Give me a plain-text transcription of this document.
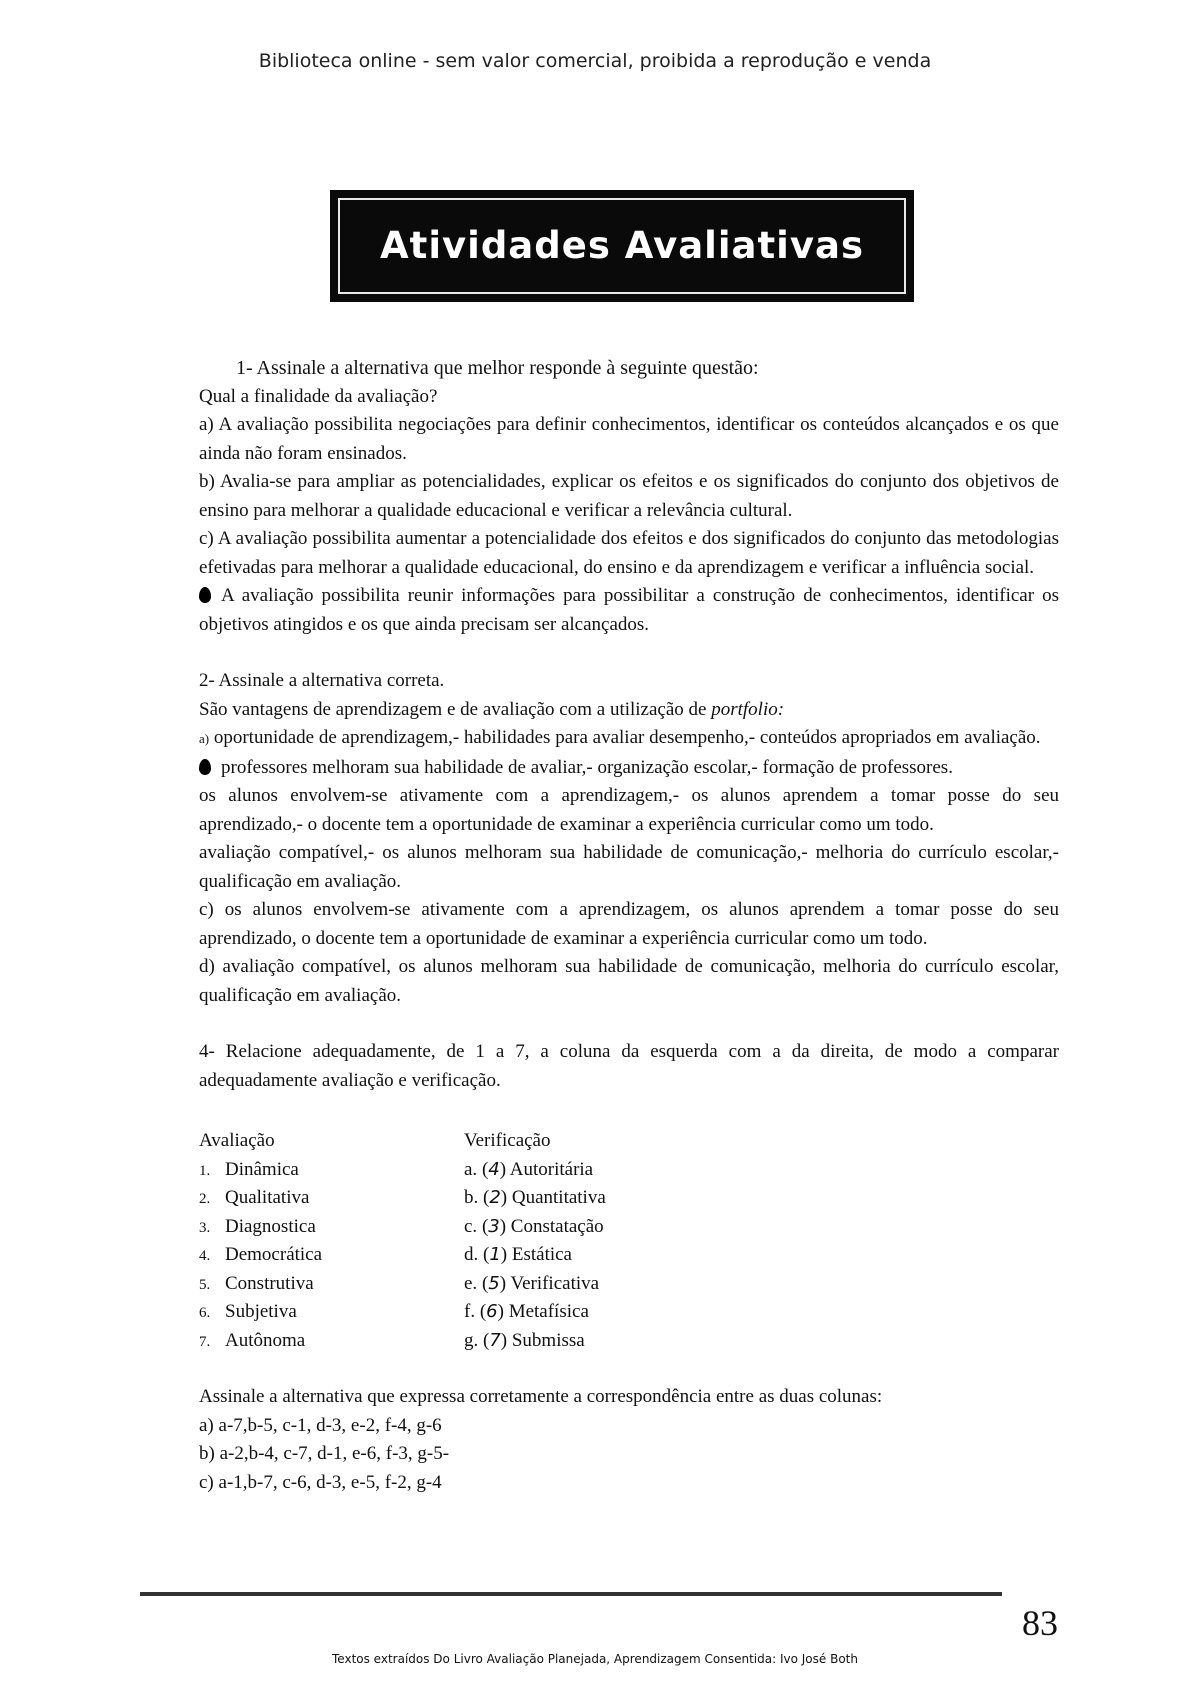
Biblioteca online - sem valor comercial, proibida a reprodução e venda
Atividades Avaliativas

1- Assinale a alternativa que melhor responde à seguinte questão:

Qual a finalidade da avaliação?

a) A avaliação possibilita negociações para definir conhecimentos, identificar os conteúdos alcançados e os que ainda não foram ensinados.

b) Avalia-se para ampliar as potencialidades, explicar os efeitos e os significados do conjunto dos objetivos de ensino para melhorar a qualidade educacional e verificar a relevância cultural.

c) A avaliação possibilita aumentar a potencialidade dos efeitos e dos significados do conjunto das metodologias efetivadas para melhorar a qualidade educacional, do ensino e da aprendizagem e verificar a influência social.

A avaliação possibilita reunir informações para possibilitar a construção de conhecimentos, identificar os objetivos atingidos e os que ainda precisam ser alcançados.

2- Assinale a alternativa correta.

São vantagens de aprendizagem e de avaliação com a utilização de portfolio:

a) oportunidade de aprendizagem,- habilidades para avaliar desempenho,- conteúdos apropriados em avaliação.

professores melhoram sua habilidade de avaliar,- organização escolar,- formação de professores.

os alunos envolvem-se ativamente com a aprendizagem,- os alunos aprendem a tomar posse do seu aprendizado,- o docente tem a oportunidade de examinar a experiência curricular como um todo.

avaliação compatível,- os alunos melhoram sua habilidade de comunicação,- melhoria do currículo escolar,- qualificação em avaliação.

c) os alunos envolvem-se ativamente com a aprendizagem, os alunos aprendem a tomar posse do seu aprendizado, o docente tem a oportunidade de examinar a experiência curricular como um todo.

d) avaliação compatível, os alunos melhoram sua habilidade de comunicação, melhoria do currículo escolar, qualificação em avaliação.

4- Relacione adequadamente, de 1 a 7, a coluna da esquerda com a da direita, de modo a comparar adequadamente avaliação e verificação.

Avaliação
1. Dinâmica
2. Qualitativa
3. Diagnostica
4. Democrática
5. Construtiva
6. Subjetiva
7. Autônoma
Verificação
a. (4) Autoritária
b. (2) Quantitativa
c. (3) Constatação
d. (1) Estática
e. (5) Verificativa
f. (6) Metafísica
g. (7) Submissa

Assinale a alternativa que expressa corretamente a correspondência entre as duas colunas:

a) a-7,b-5, c-1, d-3, e-2, f-4, g-6

b) a-2,b-4, c-7, d-1, e-6, f-3, g-5-

c) a-1,b-7, c-6, d-3, e-5, f-2, g-4

83
Textos extraídos Do Livro Avaliação Planejada, Aprendizagem Consentida: Ivo José Both
